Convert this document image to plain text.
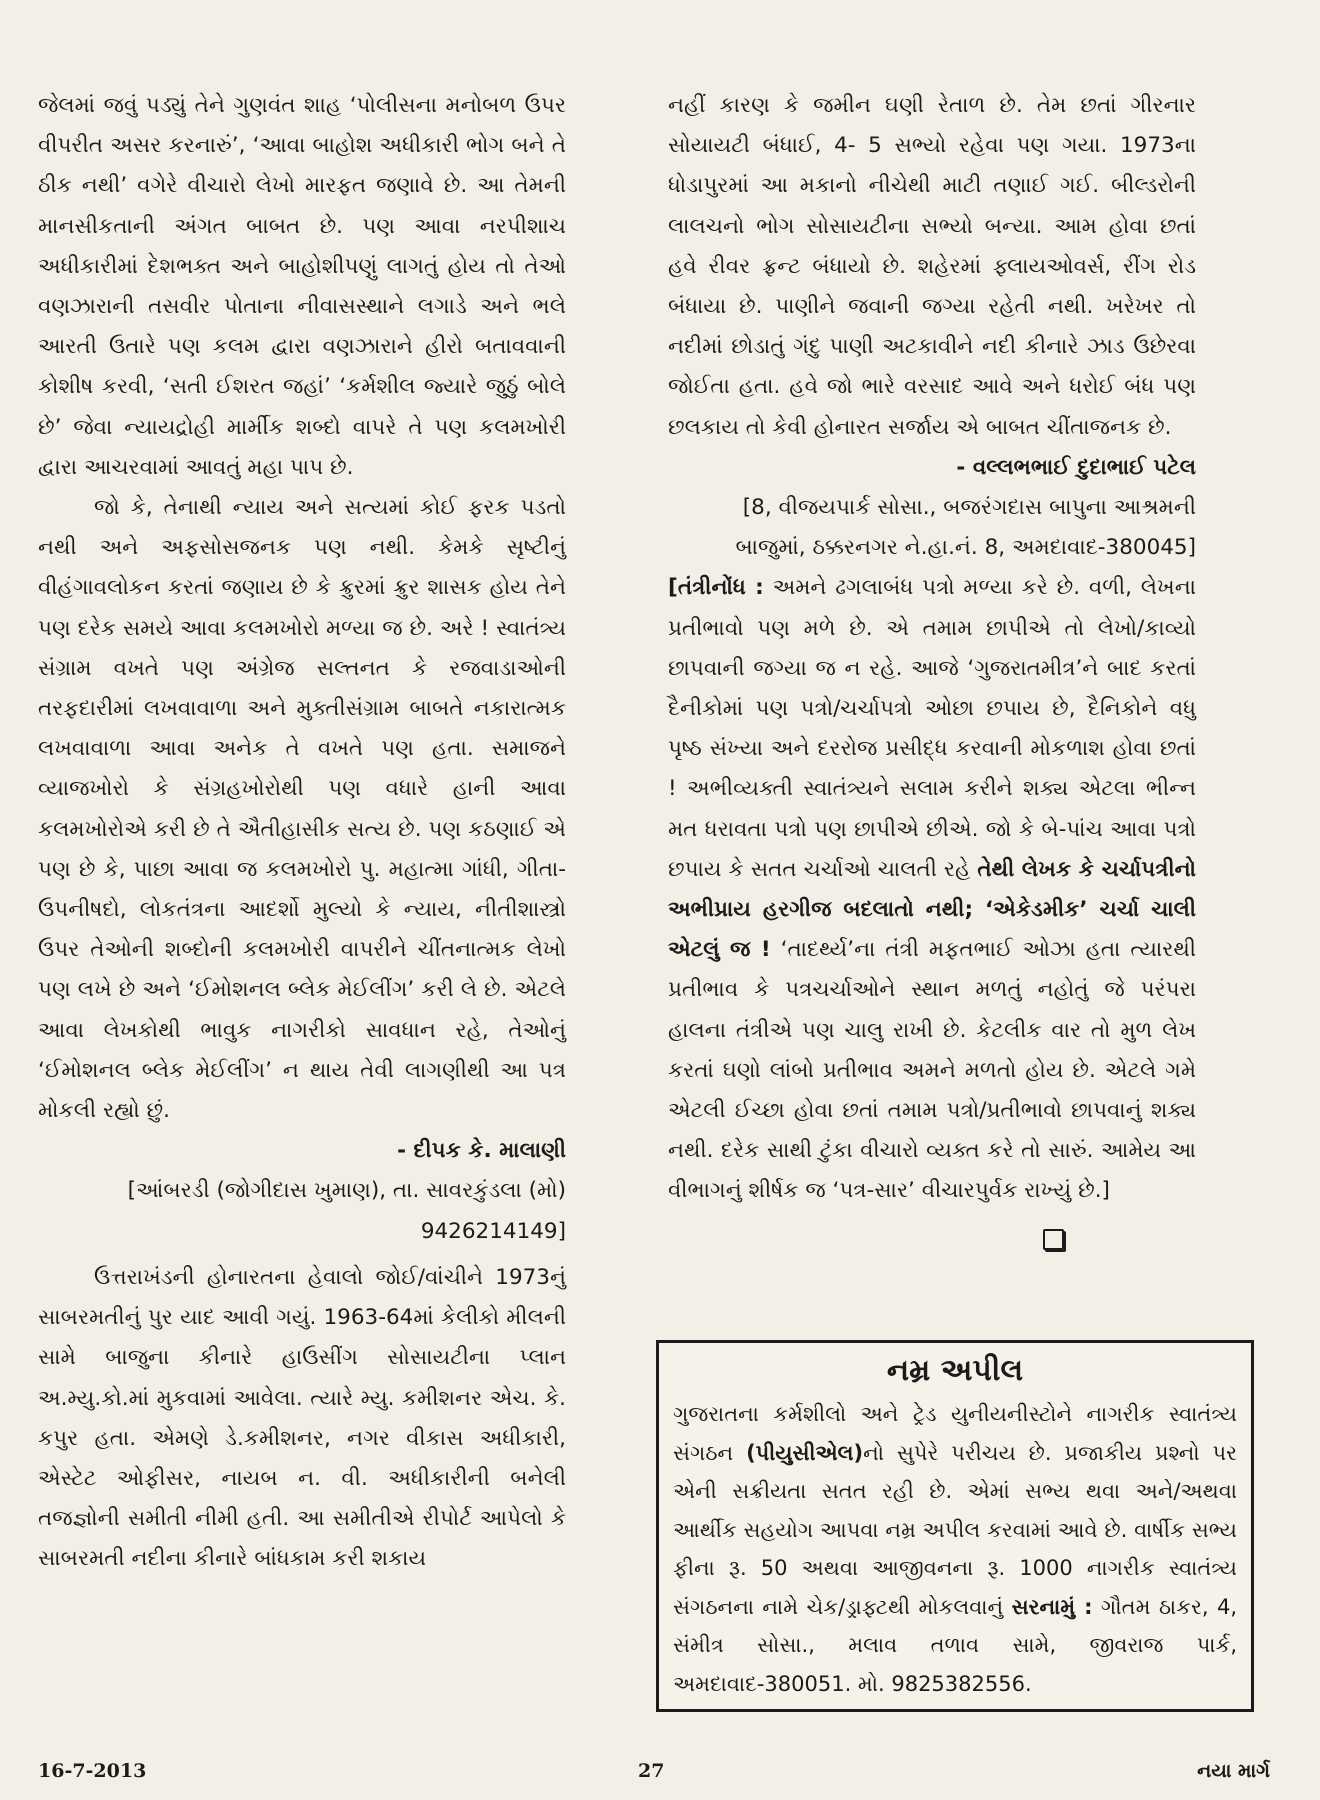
જેલમાં જવું પડ્યું તેને ગુણવંત શાહ ‘પોલીસના મનોબળ ઉપર વીપરીત અસર કરનારું’, ‘આવા બાહોશ અધીકારી ભોગ બને તે ઠીક નથી’ વગેરે વીચારો લેખો મારફત જણાવે છે. આ તેમની માનસીકતાની અંગત બાબત છે. પણ આવા નરપીશાચ અધીકારીમાં દેશભક્ત અને બાહોશીપણું લાગતું હોય તો તેઓ વણઝારાની તસવીર પોતાના નીવાસસ્થાને લગાડે અને ભલે આરતી ઉતારે પણ કલમ દ્વારા વણઝારાને હીરો બતાવવાની કોશીષ કરવી, ‘સતી ઈશરત જહાં’ ‘કર્મશીલ જ્યારે જુઠું બોલે છે’ જેવા ન્યાયદ્રોહી માર્મીક શબ્દો વાપરે તે પણ કલમખોરી દ્વારા આચરવામાં આવતું મહા પાપ છે.

જો કે, તેનાથી ન્યાય અને સત્યમાં કોઈ ફરક પડતો નથી અને અફસોસજનક પણ નથી. કેમકે સૃષ્ટીનું વીહંગાવલોકન કરતાં જણાય છે કે ક્રુરમાં ક્રુર શાસક હોય તેને પણ દરેક સમયે આવા કલમખોરો મળ્યા જ છે. અરે ! સ્વાતંત્ર્ય સંગ્રામ વખતે પણ અંગ્રેજ સલ્તનત કે રજવાડાઓની તરફદારીમાં લખવાવાળા અને મુક્તીસંગ્રામ બાબતે નકારાત્મક લખવાવાળા આવા અનેક તે વખતે પણ હતા. સમાજને વ્યાજખોરો કે સંગ્રહખોરોથી પણ વધારે હાની આવા કલમખોરોએ કરી છે તે ઐતીહાસીક સત્ય છે. પણ કઠણાઈ એ પણ છે કે, પાછા આવા જ કલમખોરો પુ. મહાત્મા ગાંધી, ગીતા-ઉપનીષદો, લોકતંત્રના આદર્શો મુલ્યો કે ન્યાય, નીતીશાસ્ત્રો ઉપર તેઓની શબ્દોની કલમખોરી વાપરીને ચીંતનાત્મક લેખો પણ લખે છે અને ‘ઈમોશનલ બ્લેક મેઈલીંગ’ કરી લે છે. એટલે આવા લેખકોથી ભાવુક નાગરીકો સાવધાન રહે, તેઓનું ‘ઈમોશનલ બ્લેક મેઈલીંગ’ ન થાય તેવી લાગણીથી આ પત્ર મોકલી રહ્યો છું.

- દીપક કે. માલાણી

[આંબરડી (જોગીદાસ ખુમાણ), તા. સાવરકુંડલા (મો)

9426214149]

ઉત્તરાખંડની હોનારતના હેવાલો જોઈ/વાંચીને 1973નું સાબરમતીનું પુર યાદ આવી ગયું. 1963-64માં કેલીકો મીલની સામે બાજુના કીનારે હાઉસીંગ સોસાયટીના પ્લાન અ.મ્યુ.કો.માં મુકવામાં આવેલા. ત્યારે મ્યુ. કમીશનર એચ. કે. કપુર હતા. એમણે ડે.કમીશનર, નગર વીકાસ અધીકારી, એસ્ટેટ ઓફીસર, નાયબ ન. વી. અધીકારીની બનેલી તજજ્ઞોની સમીતી નીમી હતી. આ સમીતીએ રીપોર્ટ આપેલો કે સાબરમતી નદીના કીનારે બાંધકામ કરી શકાય

નહીં કારણ કે જમીન ઘણી રેતાળ છે. તેમ છતાં ગીરનાર સોયાયટી બંધાઈ, 4- 5 સભ્યો રહેવા પણ ગયા. 1973ના ધોડાપુરમાં આ મકાનો નીચેથી માટી તણાઈ ગઈ. બીલ્ડરોની લાલચનો ભોગ સોસાયટીના સભ્યો બન્યા. આમ હોવા છતાં હવે રીવર ફ્રન્ટ બંધાયો છે. શહેરમાં ફ્લાયઓવર્સ, રીંગ રોડ બંધાયા છે. પાણીને જવાની જગ્યા રહેતી નથી. ખરેખર તો નદીમાં છોડાતું ગંદુ પાણી અટકાવીને નદી કીનારે ઝાડ ઉછેરવા જોઈતા હતા. હવે જો ભારે વરસાદ આવે અને ધરોઈ બંધ પણ છલકાય તો કેવી હોનારત સર્જાય એ બાબત ચીંતાજનક છે.

- વલ્લભભાઈ દુદાભાઈ પટેલ

[8, વીજયપાર્ક સોસા., બજરંગદાસ બાપુના આશ્રમની

બાજુમાં, ઠક્કરનગર ને.હા.નં. 8, અમદાવાદ-380045]

[તંત્રીનોંધ : અમને ઢગલાબંધ પત્રો મળ્યા કરે છે. વળી, લેખના પ્રતીભાવો પણ મળે છે. એ તમામ છાપીએ તો લેખો/કાવ્યો છાપવાની જગ્યા જ ન રહે. આજે ‘ગુજરાતમીત્ર’ને બાદ કરતાં દૈનીકોમાં પણ પત્રો/ચર્ચાપત્રો ઓછા છપાય છે, દૈનિકોને વધુ પૃષ્ઠ સંખ્યા અને દરરોજ પ્રસીદ્ધ કરવાની મોકળાશ હોવા છતાં ! અભીવ્યક્તી સ્વાતંત્ર્યને સલામ કરીને શક્ય એટલા ભીન્ન મત ધરાવતા પત્રો પણ છાપીએ છીએ. જો કે બે-પાંચ આવા પત્રો છપાય કે સતત ચર્ચાઓ ચાલતી રહે તેથી લેખક કે ચર્ચાપત્રીનો અભીપ્રાય હરગીજ બદલાતો નથી; ‘એકેડમીક’ ચર્ચા ચાલી એટલું જ ! ‘તાદર્થ્ય’ના તંત્રી મફતભાઈ ઓઝા હતા ત્યારથી પ્રતીભાવ કે પત્રચર્ચાઓને સ્થાન મળતું નહોતું જે પરંપરા હાલના તંત્રીએ પણ ચાલુ રાખી છે. કેટલીક વાર તો મુળ લેખ કરતાં ઘણો લાંબો પ્રતીભાવ અમને મળતો હોય છે. એટલે ગમે એટલી ઈચ્છા હોવા છતાં તમામ પત્રો/પ્રતીભાવો છાપવાનું શક્ય નથી. દરેક સાથી ટુંકા વીચારો વ્યક્ત કરે તો સારું. આમેય આ વીભાગનું શીર્ષક જ ‘પત્ર-સાર’ વીચારપુર્વક રાખ્યું છે.]

નમ્ર અપીલ

ગુજરાતના કર્મશીલો અને ટ્રેડ યુનીયનીસ્ટોને નાગરીક સ્વાતંત્ર્ય સંગઠન (પીયુસીએલ)નો સુપેરે પરીચય છે. પ્રજાકીય પ્રશ્નો પર એની સક્રીયતા સતત રહી છે. એમાં સભ્ય થવા અને/અથવા આર્થીક સહયોગ આપવા નમ્ર અપીલ કરવામાં આવે છે. વાર્ષીક સભ્ય ફીના રૂ. 50 અથવા આજીવનના રૂ. 1000 નાગરીક સ્વાતંત્ર્ય સંગઠનના નામે ચેક/ડ્રાફ્ટથી મોકલવાનું સરનામું : ગૌતમ ઠાકર, 4, સંમીત્ર સોસા., મલાવ તળાવ સામે, જીવરાજ પાર્ક, અમદાવાદ-380051. મો. 9825382556.

16-7-2013	27	નયા માર્ગ
